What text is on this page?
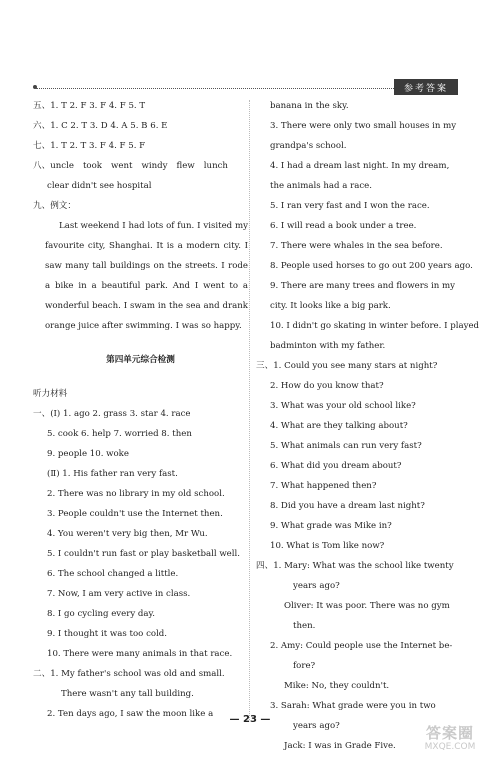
参考答案
五、1. T 2. F 3. F 4. F 5. T
六、1. C 2. T 3. D 4. A 5. B 6. E
七、1. T 2. T 3. F 4. F 5. F
八、uncle took went windy flew lunch
clear didn't see hospital
九、例文：
Last weekend I had lots of fun. I visited my favourite city, Shanghai. It is a modern city. I saw many tall buildings on the streets. I rode a bike in a beautiful park. And I went to a wonderful beach. I swam in the sea and drank orange juice after swimming. I was so happy.
第四单元综合检测
听力材料
一、(Ⅰ) 1. ago 2. grass 3. star 4. race
5. cook 6. help 7. worried 8. then
9. people 10. woke
(Ⅱ) 1. His father ran very fast.
2. There was no library in my old school.
3. People couldn't use the Internet then.
4. You weren't very big then, Mr Wu.
5. I couldn't run fast or play basketball well.
6. The school changed a little.
7. Now, I am very active in class.
8. I go cycling every day.
9. I thought it was too cold.
10. There were many animals in that race.
二、1. My father's school was old and small.
There wasn't any tall building.
2. Ten days ago, I saw the moon like a
banana in the sky.
3. There were only two small houses in my
grandpa's school.
4. I had a dream last night. In my dream,
the animals had a race.
5. I ran very fast and I won the race.
6. I will read a book under a tree.
7. There were whales in the sea before.
8. People used horses to go out 200 years ago.
9. There are many trees and flowers in my
city. It looks like a big park.
10. I didn't go skating in winter before. I played
badminton with my father.
三、1. Could you see many stars at night?
2. How do you know that?
3. What was your old school like?
4. What are they talking about?
5. What animals can run very fast?
6. What did you dream about?
7. What happened then?
8. Did you have a dream last night?
9. What grade was Mike in?
10. What is Tom like now?
四、1. Mary: What was the school like twenty
years ago?
Oliver: It was poor. There was no gym
then.
2. Amy: Could people use the Internet be-
fore?
Mike: No, they couldn't.
3. Sarah: What grade were you in two
years ago?
Jack: I was in Grade Five.
— 23 —
答案圈
MXQE.COM
